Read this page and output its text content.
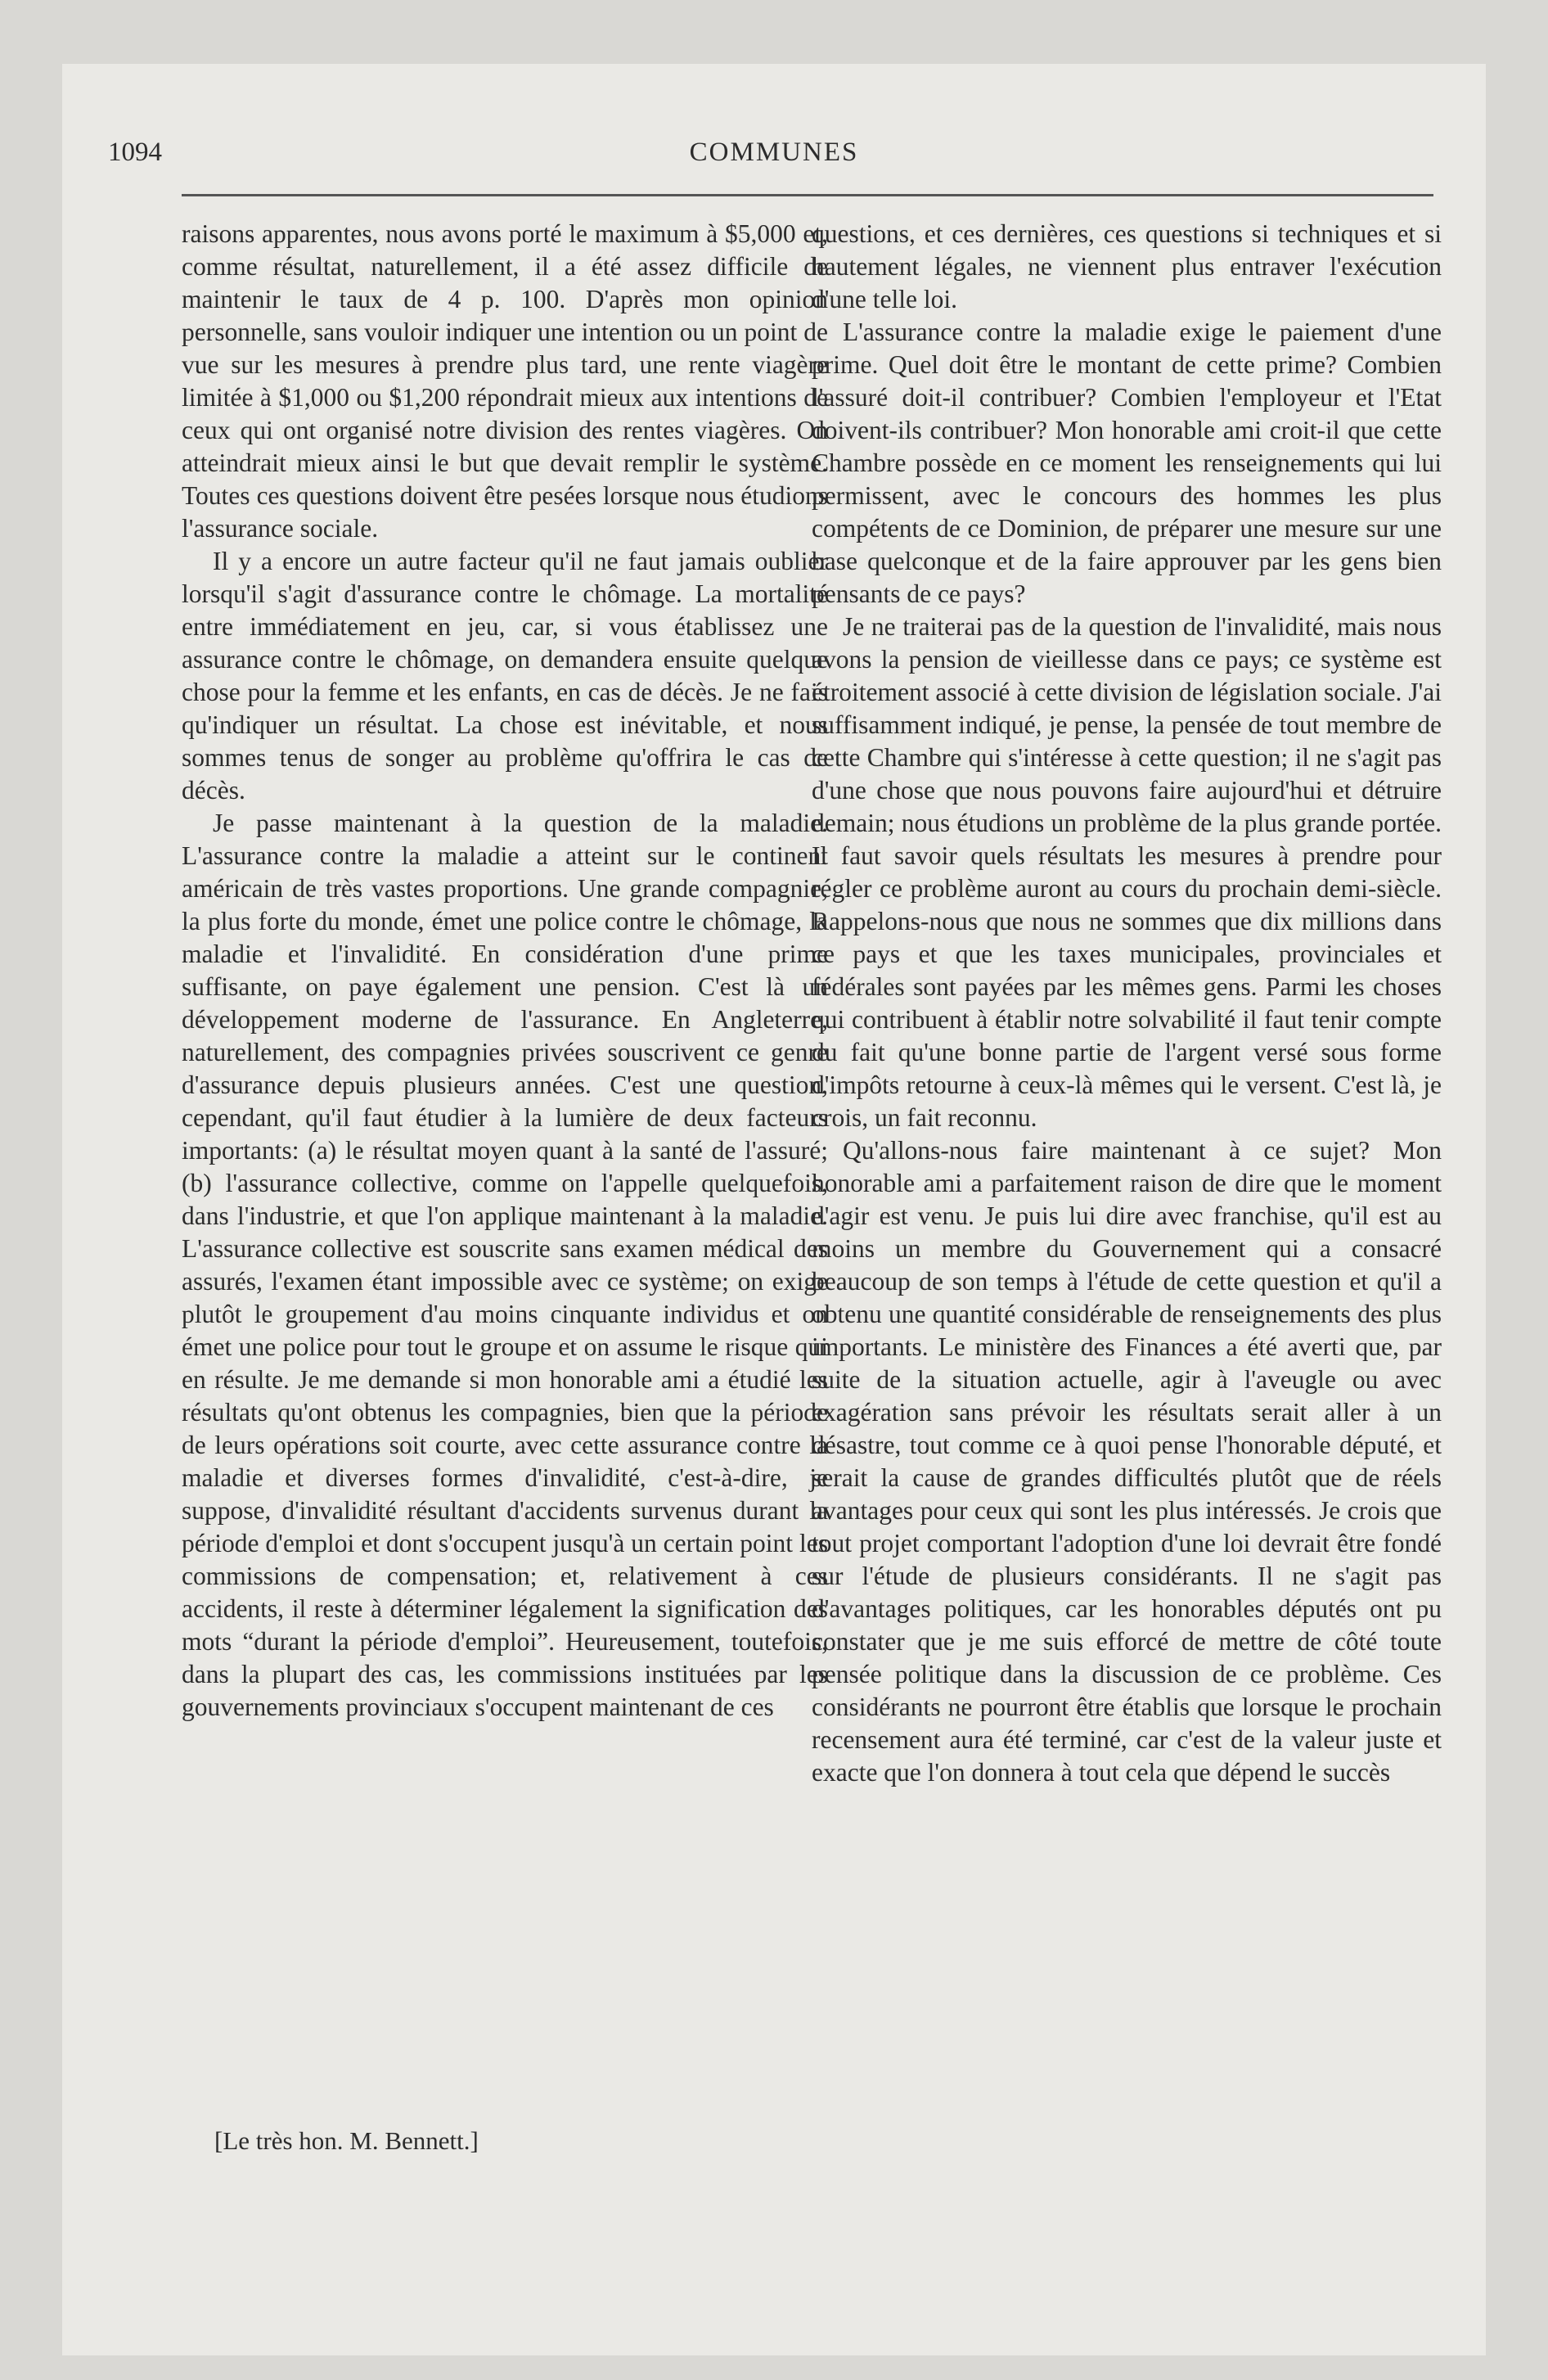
1094	COMMUNES

raisons apparentes, nous avons porté le maximum à $5,000 et, comme résultat, naturellement, il a été assez difficile de maintenir le taux de 4 p. 100. D'après mon opinion personnelle, sans vouloir indiquer une intention ou un point de vue sur les mesures à prendre plus tard, une rente viagère limitée à $1,000 ou $1,200 répondrait mieux aux intentions de ceux qui ont organisé notre division des rentes viagères. On atteindrait mieux ainsi le but que devait remplir le système. Toutes ces questions doivent être pesées lorsque nous étudions l'assurance sociale.

Il y a encore un autre facteur qu'il ne faut jamais oublier lorsqu'il s'agit d'assurance contre le chômage. La mortalité entre immédiatement en jeu, car, si vous établissez une assurance contre le chômage, on demandera ensuite quelque chose pour la femme et les enfants, en cas de décès. Je ne fais qu'indiquer un résultat. La chose est inévitable, et nous sommes tenus de songer au problème qu'offrira le cas de décès.

Je passe maintenant à la question de la maladie. L'assurance contre la maladie a atteint sur le continent américain de très vastes proportions. Une grande compagnie, la plus forte du monde, émet une police contre le chômage, la maladie et l'invalidité. En considération d'une prime suffisante, on paye également une pension. C'est là un développement moderne de l'assurance. En Angleterre, naturellement, des compagnies privées souscrivent ce genre d'assurance depuis plusieurs années. C'est une question, cependant, qu'il faut étudier à la lumière de deux facteurs importants: (a) le résultat moyen quant à la santé de l'assuré; (b) l'assurance collective, comme on l'appelle quelquefois, dans l'industrie, et que l'on applique maintenant à la maladie. L'assurance collective est souscrite sans examen médical des assurés, l'examen étant impossible avec ce système; on exige plutôt le groupement d'au moins cinquante individus et on émet une police pour tout le groupe et on assume le risque qui en résulte. Je me demande si mon honorable ami a étudié les résultats qu'ont obtenus les compagnies, bien que la période de leurs opérations soit courte, avec cette assurance contre la maladie et diverses formes d'invalidité, c'est-à-dire, je suppose, d'invalidité résultant d'accidents survenus durant la période d'emploi et dont s'occupent jusqu'à un certain point les commissions de compensation; et, relativement à ces accidents, il reste à déterminer légalement la signification des mots “durant la période d'emploi”. Heureusement, toutefois, dans la plupart des cas, les commissions instituées par les gouvernements provinciaux s'occupent maintenant de ces

[Le très hon. M. Bennett.]

questions, et ces dernières, ces questions si techniques et si hautement légales, ne viennent plus entraver l'exécution d'une telle loi.

L'assurance contre la maladie exige le paiement d'une prime. Quel doit être le montant de cette prime? Combien l'assuré doit-il contribuer? Combien l'employeur et l'Etat doivent-ils contribuer? Mon honorable ami croit-il que cette Chambre possède en ce moment les renseignements qui lui permissent, avec le concours des hommes les plus compétents de ce Dominion, de préparer une mesure sur une base quelconque et de la faire approuver par les gens bien pensants de ce pays?

Je ne traiterai pas de la question de l'invalidité, mais nous avons la pension de vieillesse dans ce pays; ce système est étroitement associé à cette division de législation sociale. J'ai suffisamment indiqué, je pense, la pensée de tout membre de cette Chambre qui s'intéresse à cette question; il ne s'agit pas d'une chose que nous pouvons faire aujourd'hui et détruire demain; nous étudions un problème de la plus grande portée. Il faut savoir quels résultats les mesures à prendre pour régler ce problème auront au cours du prochain demi-siècle. Rappelons-nous que nous ne sommes que dix millions dans ce pays et que les taxes municipales, provinciales et fédérales sont payées par les mêmes gens. Parmi les choses qui contribuent à établir notre solvabilité il faut tenir compte du fait qu'une bonne partie de l'argent versé sous forme d'impôts retourne à ceux-là mêmes qui le versent. C'est là, je crois, un fait reconnu.

Qu'allons-nous faire maintenant à ce sujet? Mon honorable ami a parfaitement raison de dire que le moment d'agir est venu. Je puis lui dire avec franchise, qu'il est au moins un membre du Gouvernement qui a consacré beaucoup de son temps à l'étude de cette question et qu'il a obtenu une quantité considérable de renseignements des plus importants. Le ministère des Finances a été averti que, par suite de la situation actuelle, agir à l'aveugle ou avec exagération sans prévoir les résultats serait aller à un désastre, tout comme ce à quoi pense l'honorable député, et serait la cause de grandes difficultés plutôt que de réels avantages pour ceux qui sont les plus intéressés. Je crois que tout projet comportant l'adoption d'une loi devrait être fondé sur l'étude de plusieurs considérants. Il ne s'agit pas d'avantages politiques, car les honorables députés ont pu constater que je me suis efforcé de mettre de côté toute pensée politique dans la discussion de ce problème. Ces considérants ne pourront être établis que lorsque le prochain recensement aura été terminé, car c'est de la valeur juste et exacte que l'on donnera à tout cela que dépend le succès
